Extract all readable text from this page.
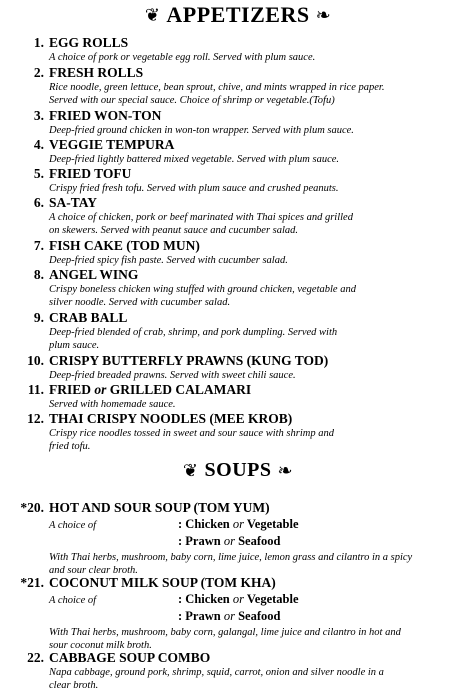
❦ APPETIZERS ❧
1. EGG ROLLS
A choice of pork or vegetable egg roll. Served with plum sauce.
2. FRESH ROLLS
Rice noodle, green lettuce, bean sprout, chive, and mints wrapped in rice paper.
Served with our special sauce. Choice of shrimp or vegetable.(Tofu)
3. FRIED WON-TON
Deep-fried ground chicken in won-ton wrapper. Served with plum sauce.
4. VEGGIE TEMPURA
Deep-fried lightly battered mixed vegetable. Served with plum sauce.
5. FRIED TOFU
Crispy fried fresh tofu. Served with plum sauce and crushed peanuts.
6. SA-TAY
A choice of chicken, pork or beef marinated with Thai spices and grilled
on skewers. Served with peanut sauce and cucumber salad.
7. FISH CAKE (TOD MUN)
Deep-fried spicy fish paste. Served with cucumber salad.
8. ANGEL WING
Crispy boneless chicken wing stuffed with ground chicken, vegetable and
silver noodle. Served with cucumber salad.
9. CRAB BALL
Deep-fried blended of crab, shrimp, and pork dumpling. Served with
plum sauce.
10. CRISPY BUTTERFLY PRAWNS (KUNG TOD)
Deep-fried breaded prawns. Served with sweet chili sauce.
11. FRIED or GRILLED CALAMARI
Served with homemade sauce.
12. THAI CRISPY NOODLES (MEE KROB)
Crispy rice noodles tossed in sweet and sour sauce with shrimp and
fried tofu.
❦ SOUPS ❧
*20. HOT AND SOUR SOUP (TOM YUM)
A choice of	: Chicken or Vegetable
: Prawn or Seafood
With Thai herbs, mushroom, baby corn, lime juice, lemon grass and cilantro in a spicy
and sour clear broth.
*21. COCONUT MILK SOUP (TOM KHA)
A choice of	: Chicken or Vegetable
: Prawn or Seafood
With Thai herbs, mushroom, baby corn, galangal, lime juice and cilantro in hot and
sour coconut milk broth.
22. CABBAGE SOUP COMBO
Napa cabbage, ground pork, shrimp, squid, carrot, onion and silver noodle in a
clear broth.
